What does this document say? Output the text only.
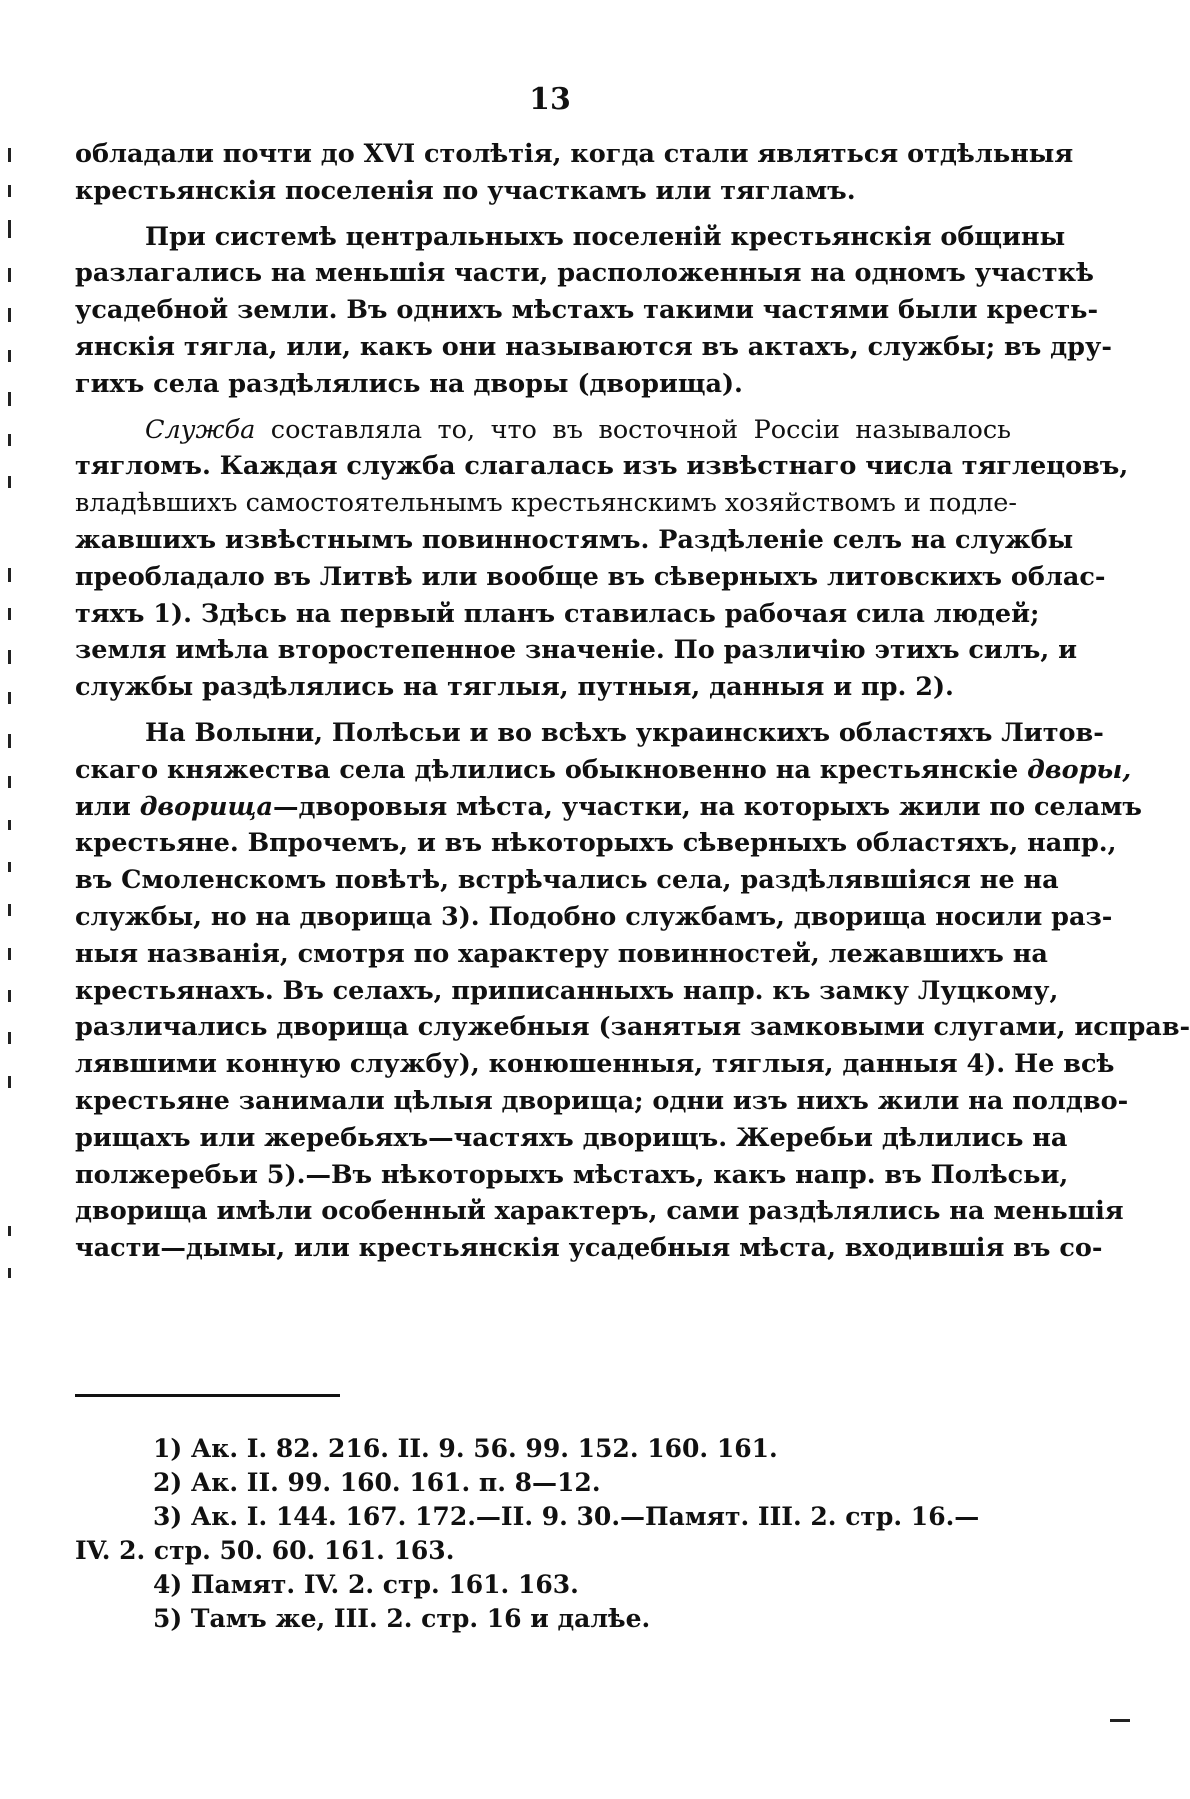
13
обладали почти до XVI столѣтія, когда стали являться отдѣльныя
крестьянскія поселенія по участкамъ или тягламъ.
При системѣ центральныхъ поселеній крестьянскія общины
разлагались на меньшія части, расположенныя на одномъ участкѣ
усадебной земли. Въ однихъ мѣстахъ такими частями были кресть-
янскія тягла, или, какъ они называются въ актахъ, службы; въ дру-
гихъ села раздѣлялись на дворы (дворища).
Служба составляла то, что въ восточной Россіи называлось
тягломъ. Каждая служба слагалась изъ извѣстнаго числа тяглецовъ,
владѣвшихъ самостоятельнымъ крестьянскимъ хозяйствомъ и подле-
жавшихъ извѣстнымъ повинностямъ. Раздѣленіе селъ на службы
преобладало въ Литвѣ или вообще въ сѣверныхъ литовскихъ облас-
тяхъ 1). Здѣсь на первый планъ ставилась рабочая сила людей;
земля имѣла второстепенное значеніе. По различію этихъ силъ, и
службы раздѣлялись на тяглыя, путныя, данныя и пр. 2).
На Волыни, Полѣсьи и во всѣхъ украинскихъ областяхъ Литов-
скаго княжества села дѣлились обыкновенно на крестьянскіе дворы,
или дворища—дворовыя мѣста, участки, на которыхъ жили по селамъ
крестьяне. Впрочемъ, и въ нѣкоторыхъ сѣверныхъ областяхъ, напр.,
въ Смоленскомъ повѣтѣ, встрѣчались села, раздѣлявшіяся не на
службы, но на дворища 3). Подобно службамъ, дворища носили раз-
ныя названія, смотря по характеру повинностей, лежавшихъ на
крестьянахъ. Въ селахъ, приписанныхъ напр. къ замку Луцкому,
различались дворища служебныя (занятыя замковыми слугами, исправ-
лявшими конную службу), конюшенныя, тяглыя, данныя 4). Не всѣ
крестьяне занимали цѣлыя дворища; одни изъ нихъ жили на полдво-
рищахъ или жеребьяхъ—частяхъ дворищъ. Жеребьи дѣлились на
полжеребьи 5).—Въ нѣкоторыхъ мѣстахъ, какъ напр. въ Полѣсьи,
дворища имѣли особенный характеръ, сами раздѣлялись на меньшія
части—дымы, или крестьянскія усадебныя мѣста, входившія въ со-
1) Ак. I. 82. 216. II. 9. 56. 99. 152. 160. 161.
2) Ак. II. 99. 160. 161. п. 8—12.
3) Ак. I. 144. 167. 172.—II. 9. 30.—Памят. III. 2. стр. 16.—
IV. 2. стр. 50. 60. 161. 163.
4) Памят. IV. 2. стр. 161. 163.
5) Тамъ же, III. 2. стр. 16 и далѣе.
